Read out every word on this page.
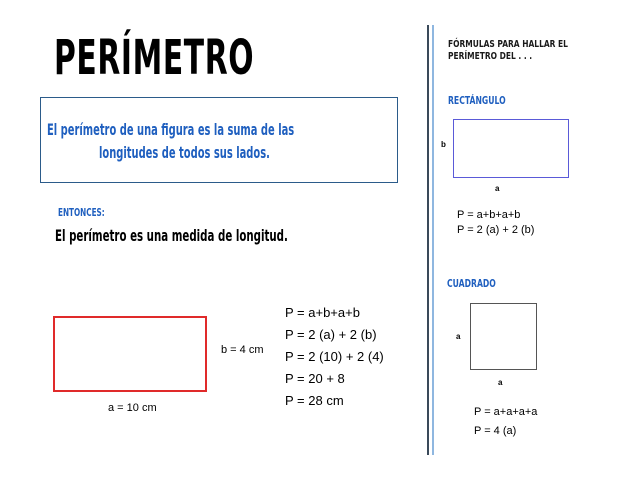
PERÍMETRO
El perímetro de una figura es la suma de las
longitudes de todos sus lados.
ENTONCES:
El perímetro es una medida de longitud.
b = 4 cm
a = 10 cm
P = a+b+a+b
P = 2 (a) + 2 (b)
P = 2 (10) + 2 (4)
P = 20 + 8
P = 28 cm
FÓRMULAS PARA HALLAR EL
PERÍMETRO DEL . . .
RECTÁNGULO
b
a
P = a+b+a+b
P = 2 (a) + 2 (b)
CUADRADO
a
a
P = a+a+a+a
P = 4 (a)
